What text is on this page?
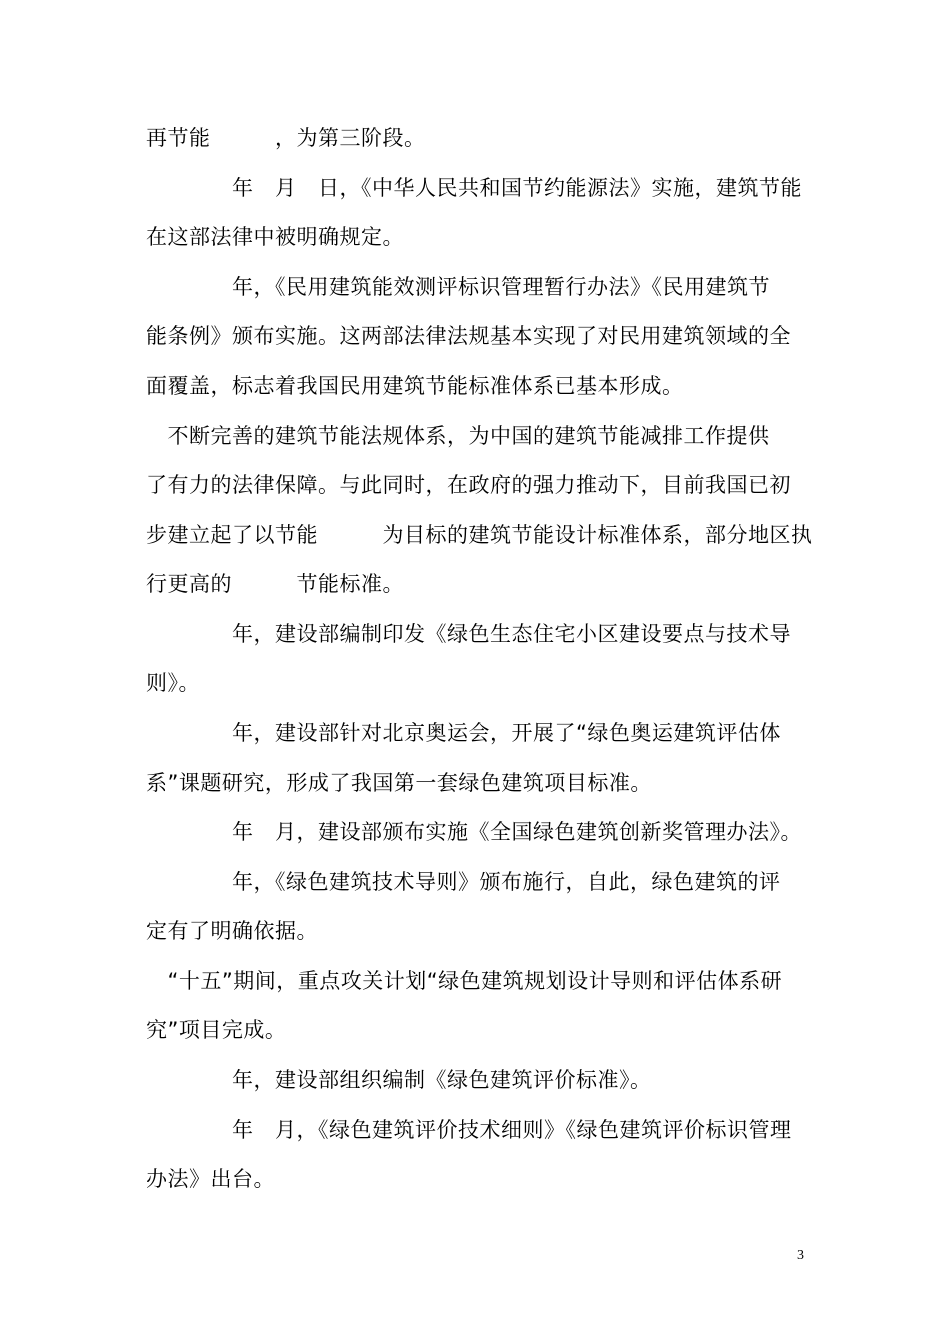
再节能　　　，为第三阶段。
　　　　年　月　日，《中华人民共和国节约能源法》实施，建筑节能
在这部法律中被明确规定。
　　　　年，《民用建筑能效测评标识管理暂行办法》《民用建筑节
能条例》颁布实施。这两部法律法规基本实现了对民用建筑领域的全
面覆盖，标志着我国民用建筑节能标准体系已基本形成。
　不断完善的建筑节能法规体系，为中国的建筑节能减排工作提供
了有力的法律保障。与此同时，在政府的强力推动下，目前我国已初
步建立起了以节能　　　为目标的建筑节能设计标准体系，部分地区执
行更高的　　　节能标准。
　　　　年，建设部编制印发《绿色生态住宅小区建设要点与技术导
则》。
　　　　年，建设部针对北京奥运会，开展了“绿色奥运建筑评估体
系”课题研究，形成了我国第一套绿色建筑项目标准。
　　　　年　月，建设部颁布实施《全国绿色建筑创新奖管理办法》。
　　　　年，《绿色建筑技术导则》颁布施行，自此，绿色建筑的评
定有了明确依据。
　“十五”期间，重点攻关计划“绿色建筑规划设计导则和评估体系研
究”项目完成。
　　　　年，建设部组织编制《绿色建筑评价标准》。
　　　　年　月，《绿色建筑评价技术细则》《绿色建筑评价标识管理
办法》出台。
3
